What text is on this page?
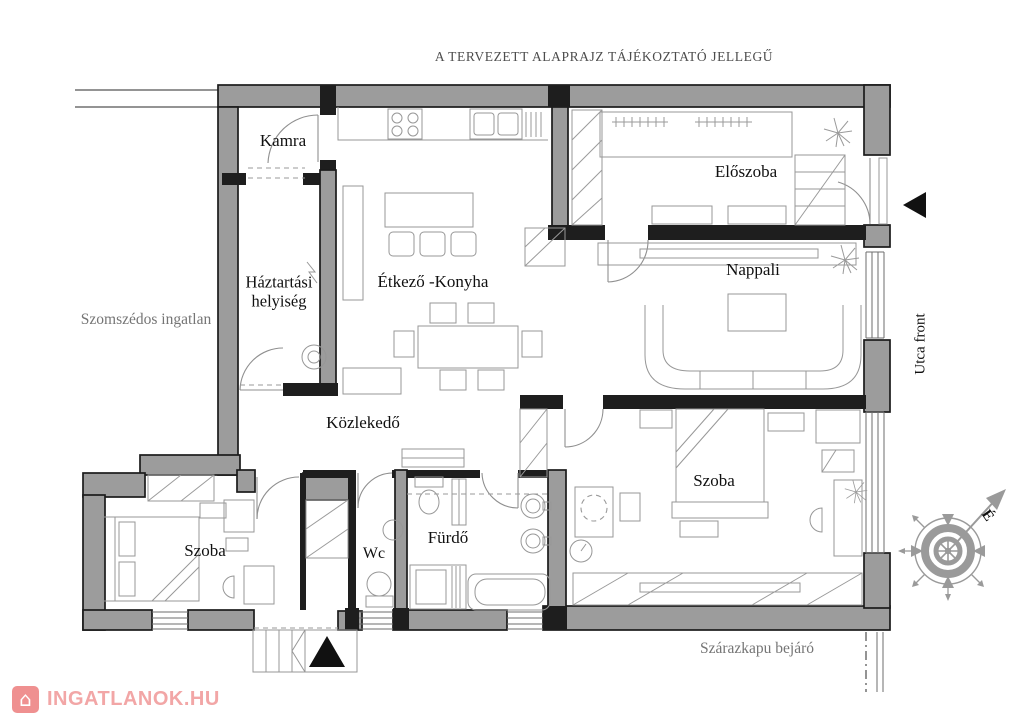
A TERVEZETT ALAPRAJZ TÁJÉKOZTATÓ JELLEGŰ
Kamra
Előszoba
Háztartási helyiség
Étkező -Konyha
Nappali
Közlekedő
Szoba	Wc
Fürdő
Szoba
Szomszédos ingatlan	Utca front
Szárazkapu bejáró
É
⌂ INGATLANOK.HU
